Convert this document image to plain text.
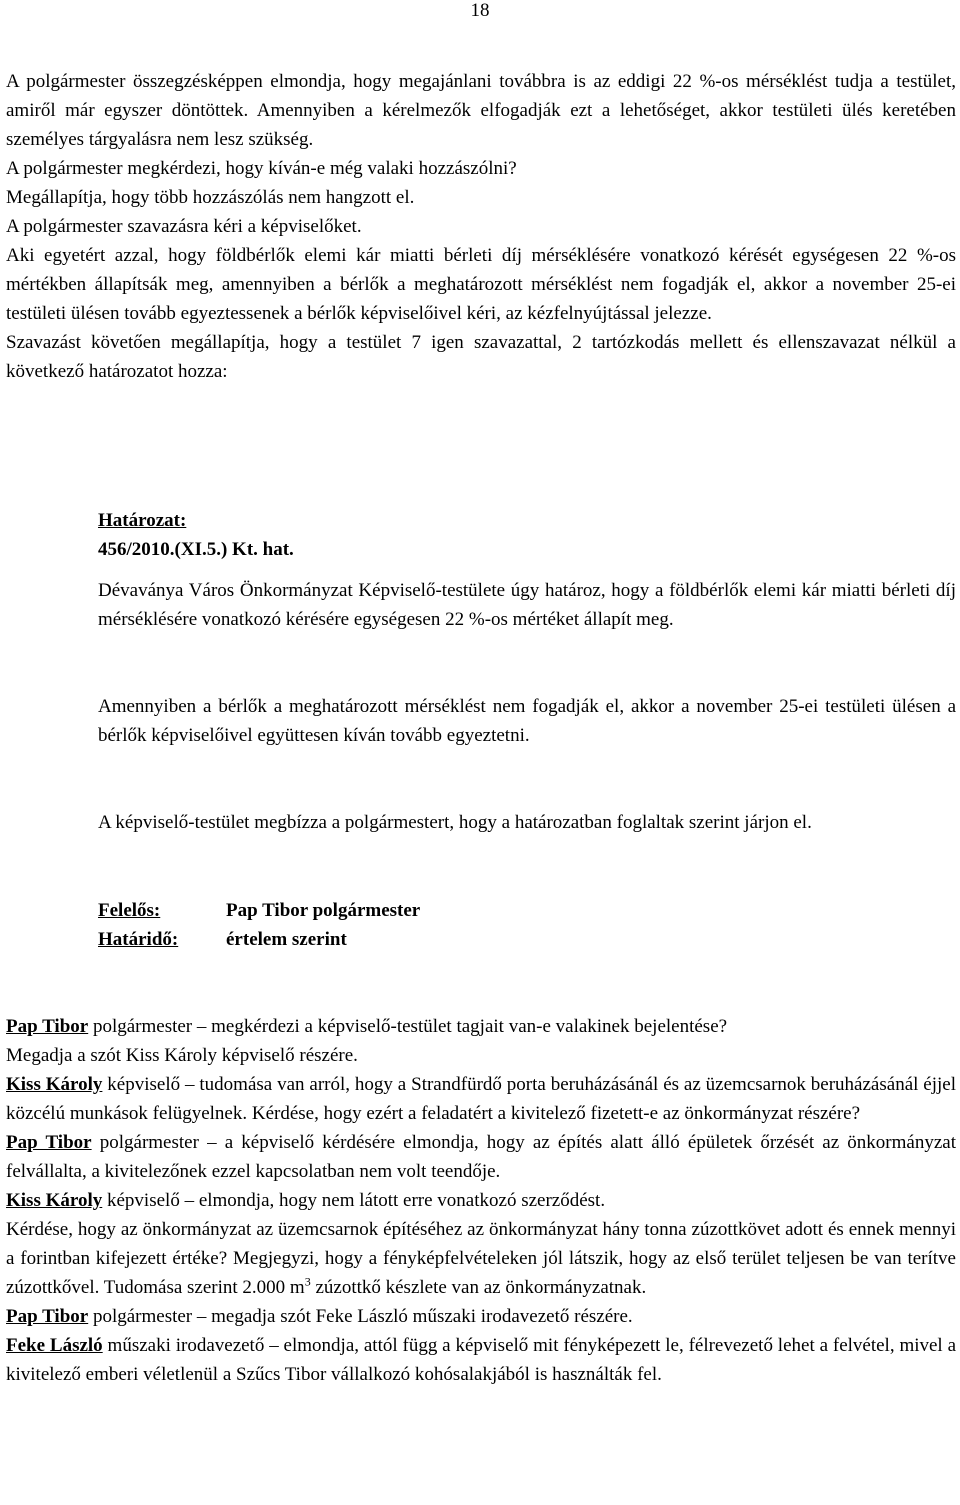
18

A polgármester összegzésképpen elmondja, hogy megajánlani továbbra is az eddigi 22 %-os mérséklést tudja a testület, amiről már egyszer döntöttek. Amennyiben a kérelmezők elfogadják ezt a lehetőséget, akkor testületi ülés keretében személyes tárgyalásra nem lesz szükség.

A polgármester megkérdezi, hogy kíván-e még valaki hozzászólni?

Megállapítja, hogy több hozzászólás nem hangzott el.

A polgármester szavazásra kéri a képviselőket.

Aki egyetért azzal, hogy földbérlők elemi kár miatti bérleti díj mérséklésére vonatkozó kérését egységesen 22 %-os mértékben állapítsák meg, amennyiben a bérlők a meghatározott mérséklést nem fogadják el, akkor a november 25-ei testületi ülésen tovább egyeztessenek a bérlők képviselőivel kéri, az kézfelnyújtással jelezze.

Szavazást követően megállapítja, hogy a testület 7 igen szavazattal, 2 tartózkodás mellett és ellenszavazat nélkül a következő határozatot hozza:

Határozat:
456/2010.(XI.5.) Kt. hat.

Dévaványa Város Önkormányzat Képviselő-testülete úgy határoz, hogy a földbérlők elemi kár miatti bérleti díj mérséklésére vonatkozó kérésére egységesen 22 %-os mértéket állapít meg.

Amennyiben a bérlők a meghatározott mérséklést nem fogadják el, akkor a november 25-ei testületi ülésen a bérlők képviselőivel együttesen kíván tovább egyeztetni.

A képviselő-testület megbízza a polgármestert, hogy a határozatban foglaltak szerint járjon el.

Felelős:	Pap Tibor polgármester
Határidő:	értelem szerint

Pap Tibor polgármester – megkérdezi a képviselő-testület tagjait van-e valakinek bejelentése?

Megadja a szót Kiss Károly képviselő részére.

Kiss Károly képviselő – tudomása van arról, hogy a Strandfürdő porta beruházásánál és az üzemcsarnok beruházásánál éjjel közcélú munkások felügyelnek. Kérdése, hogy ezért a feladatért a kivitelező fizetett-e az önkormányzat részére?

Pap Tibor polgármester – a képviselő kérdésére elmondja, hogy az építés alatt álló épületek őrzését az önkormányzat felvállalta, a kivitelezőnek ezzel kapcsolatban nem volt teendője.

Kiss Károly képviselő – elmondja, hogy nem látott erre vonatkozó szerződést.

Kérdése, hogy az önkormányzat az üzemcsarnok építéséhez az önkormányzat hány tonna zúzottkövet adott és ennek mennyi a forintban kifejezett értéke? Megjegyzi, hogy a fényképfelvételeken jól látszik, hogy az első terület teljesen be van terítve zúzottkővel. Tudomása szerint 2.000 $m^3$ zúzottkő készlete van az önkormányzatnak.

Pap Tibor polgármester – megadja szót Feke László műszaki irodavezető részére.

Feke László műszaki irodavezető – elmondja, attól függ a képviselő mit fényképezett le, félrevezető lehet a felvétel, mivel a kivitelező emberi véletlenül a Szűcs Tibor vállalkozó kohósalakjából is használták fel.
